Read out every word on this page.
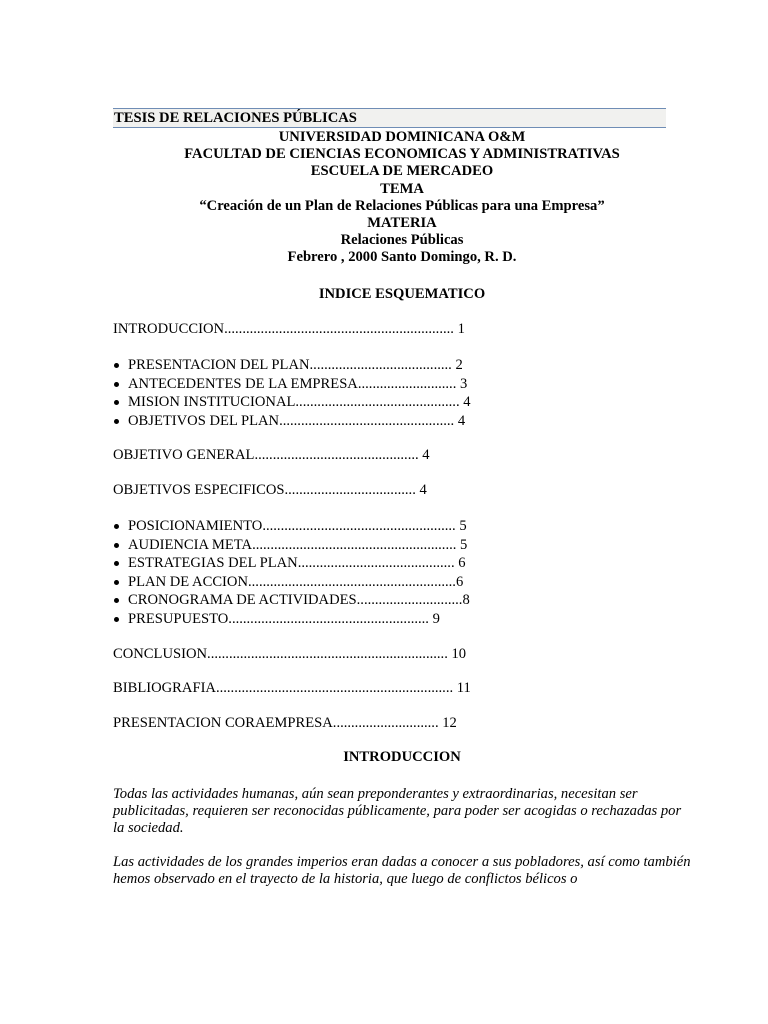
TESIS DE RELACIONES PÚBLICAS
UNIVERSIDAD DOMINICANA O&M
FACULTAD DE CIENCIAS ECONOMICAS Y ADMINISTRATIVAS
ESCUELA DE MERCADEO
TEMA
“Creación de un Plan de Relaciones Públicas para una Empresa”
MATERIA
Relaciones Públicas
Febrero , 2000 Santo Domingo, R. D.
INDICE ESQUEMATICO
INTRODUCCION............................................................... 1
PRESENTACION DEL PLAN....................................... 2
ANTECEDENTES DE LA EMPRESA........................... 3
MISION INSTITUCIONAL............................................. 4
OBJETIVOS DEL PLAN................................................ 4
OBJETIVO GENERAL............................................. 4
OBJETIVOS ESPECIFICOS.................................... 4
POSICIONAMIENTO..................................................... 5
AUDIENCIA META........................................................ 5
ESTRATEGIAS DEL PLAN........................................... 6
PLAN DE ACCION.........................................................6
CRONOGRAMA DE ACTIVIDADES.............................8
PRESUPUESTO....................................................... 9
CONCLUSION.................................................................. 10
BIBLIOGRAFIA................................................................. 11
PRESENTACION CORAEMPRESA............................. 12
INTRODUCCION
Todas las actividades humanas, aún sean preponderantes y extraordinarias, necesitan ser publicitadas, requieren ser reconocidas públicamente, para poder ser acogidas o rechazadas por la sociedad.
Las actividades de los grandes imperios eran dadas a conocer a sus pobladores, así como también hemos observado en el trayecto de la historia, que luego de conflictos bélicos o
